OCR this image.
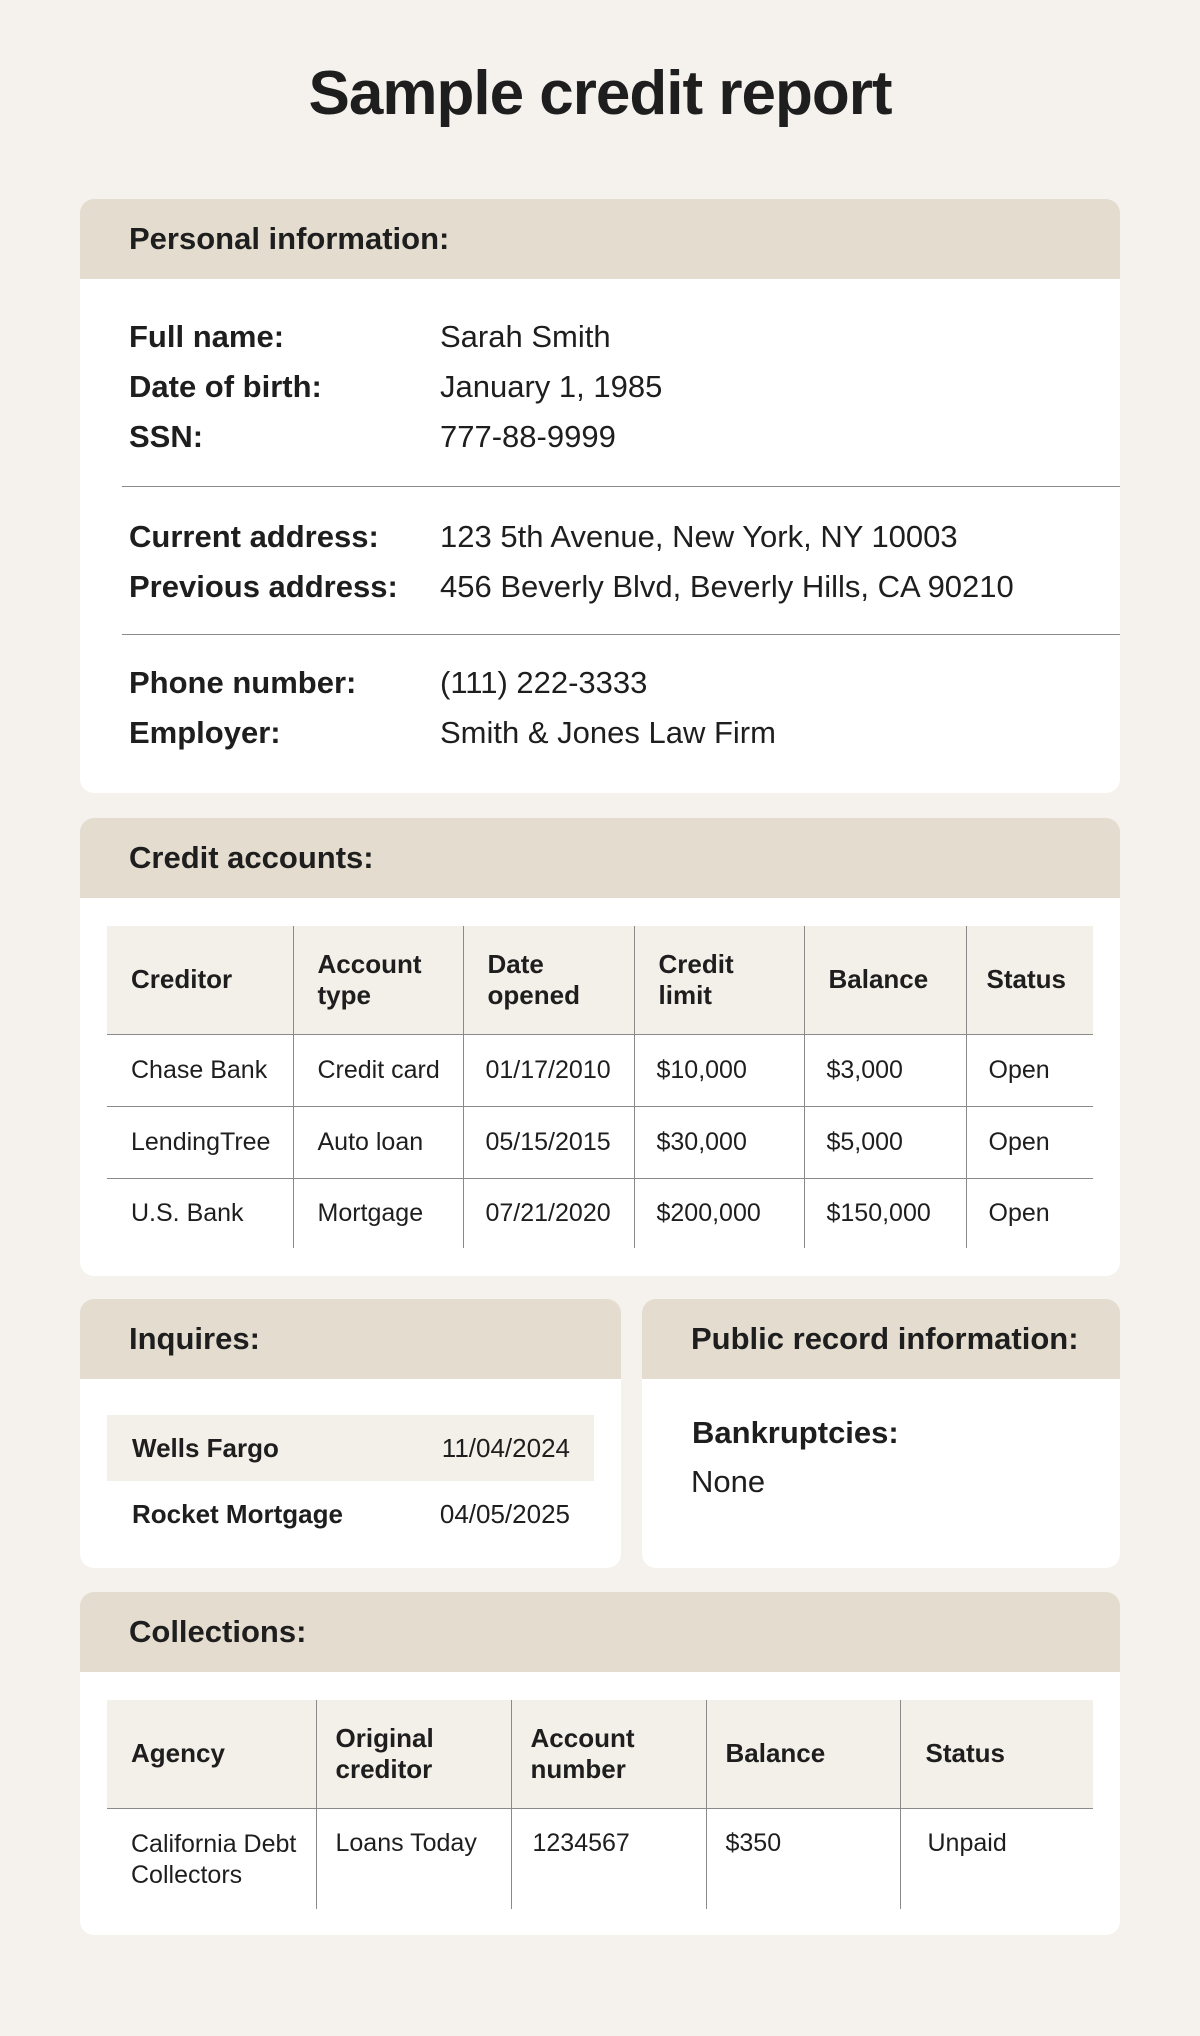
Sample credit report
Personal information:
Full name:	Sarah Smith
Date of birth:	January 1, 1985
SSN:	777-88-9999
Current address:	123 5th Avenue, New York, NY 10003
Previous address:	456 Beverly Blvd, Beverly Hills, CA 90210
Phone number:	(111) 222-3333
Employer:	Smith & Jones Law Firm
Credit accounts:
Creditor	Account type	Date opened	Credit limit	Balance	Status
Chase Bank	Credit card	01/17/2010	$10,000	$3,000	Open
LendingTree	Auto loan	05/15/2015	$30,000	$5,000	Open
U.S. Bank	Mortgage	07/21/2020	$200,000	$150,000	Open
Inquires:
Wells Fargo	11/04/2024
Rocket Mortgage	04/05/2025
Public record information:
Bankruptcies:
None
Collections:
Agency	Original creditor	Account number	Balance	Status

California Debt Collectors	Loans Today	1234567	$350	Unpaid
